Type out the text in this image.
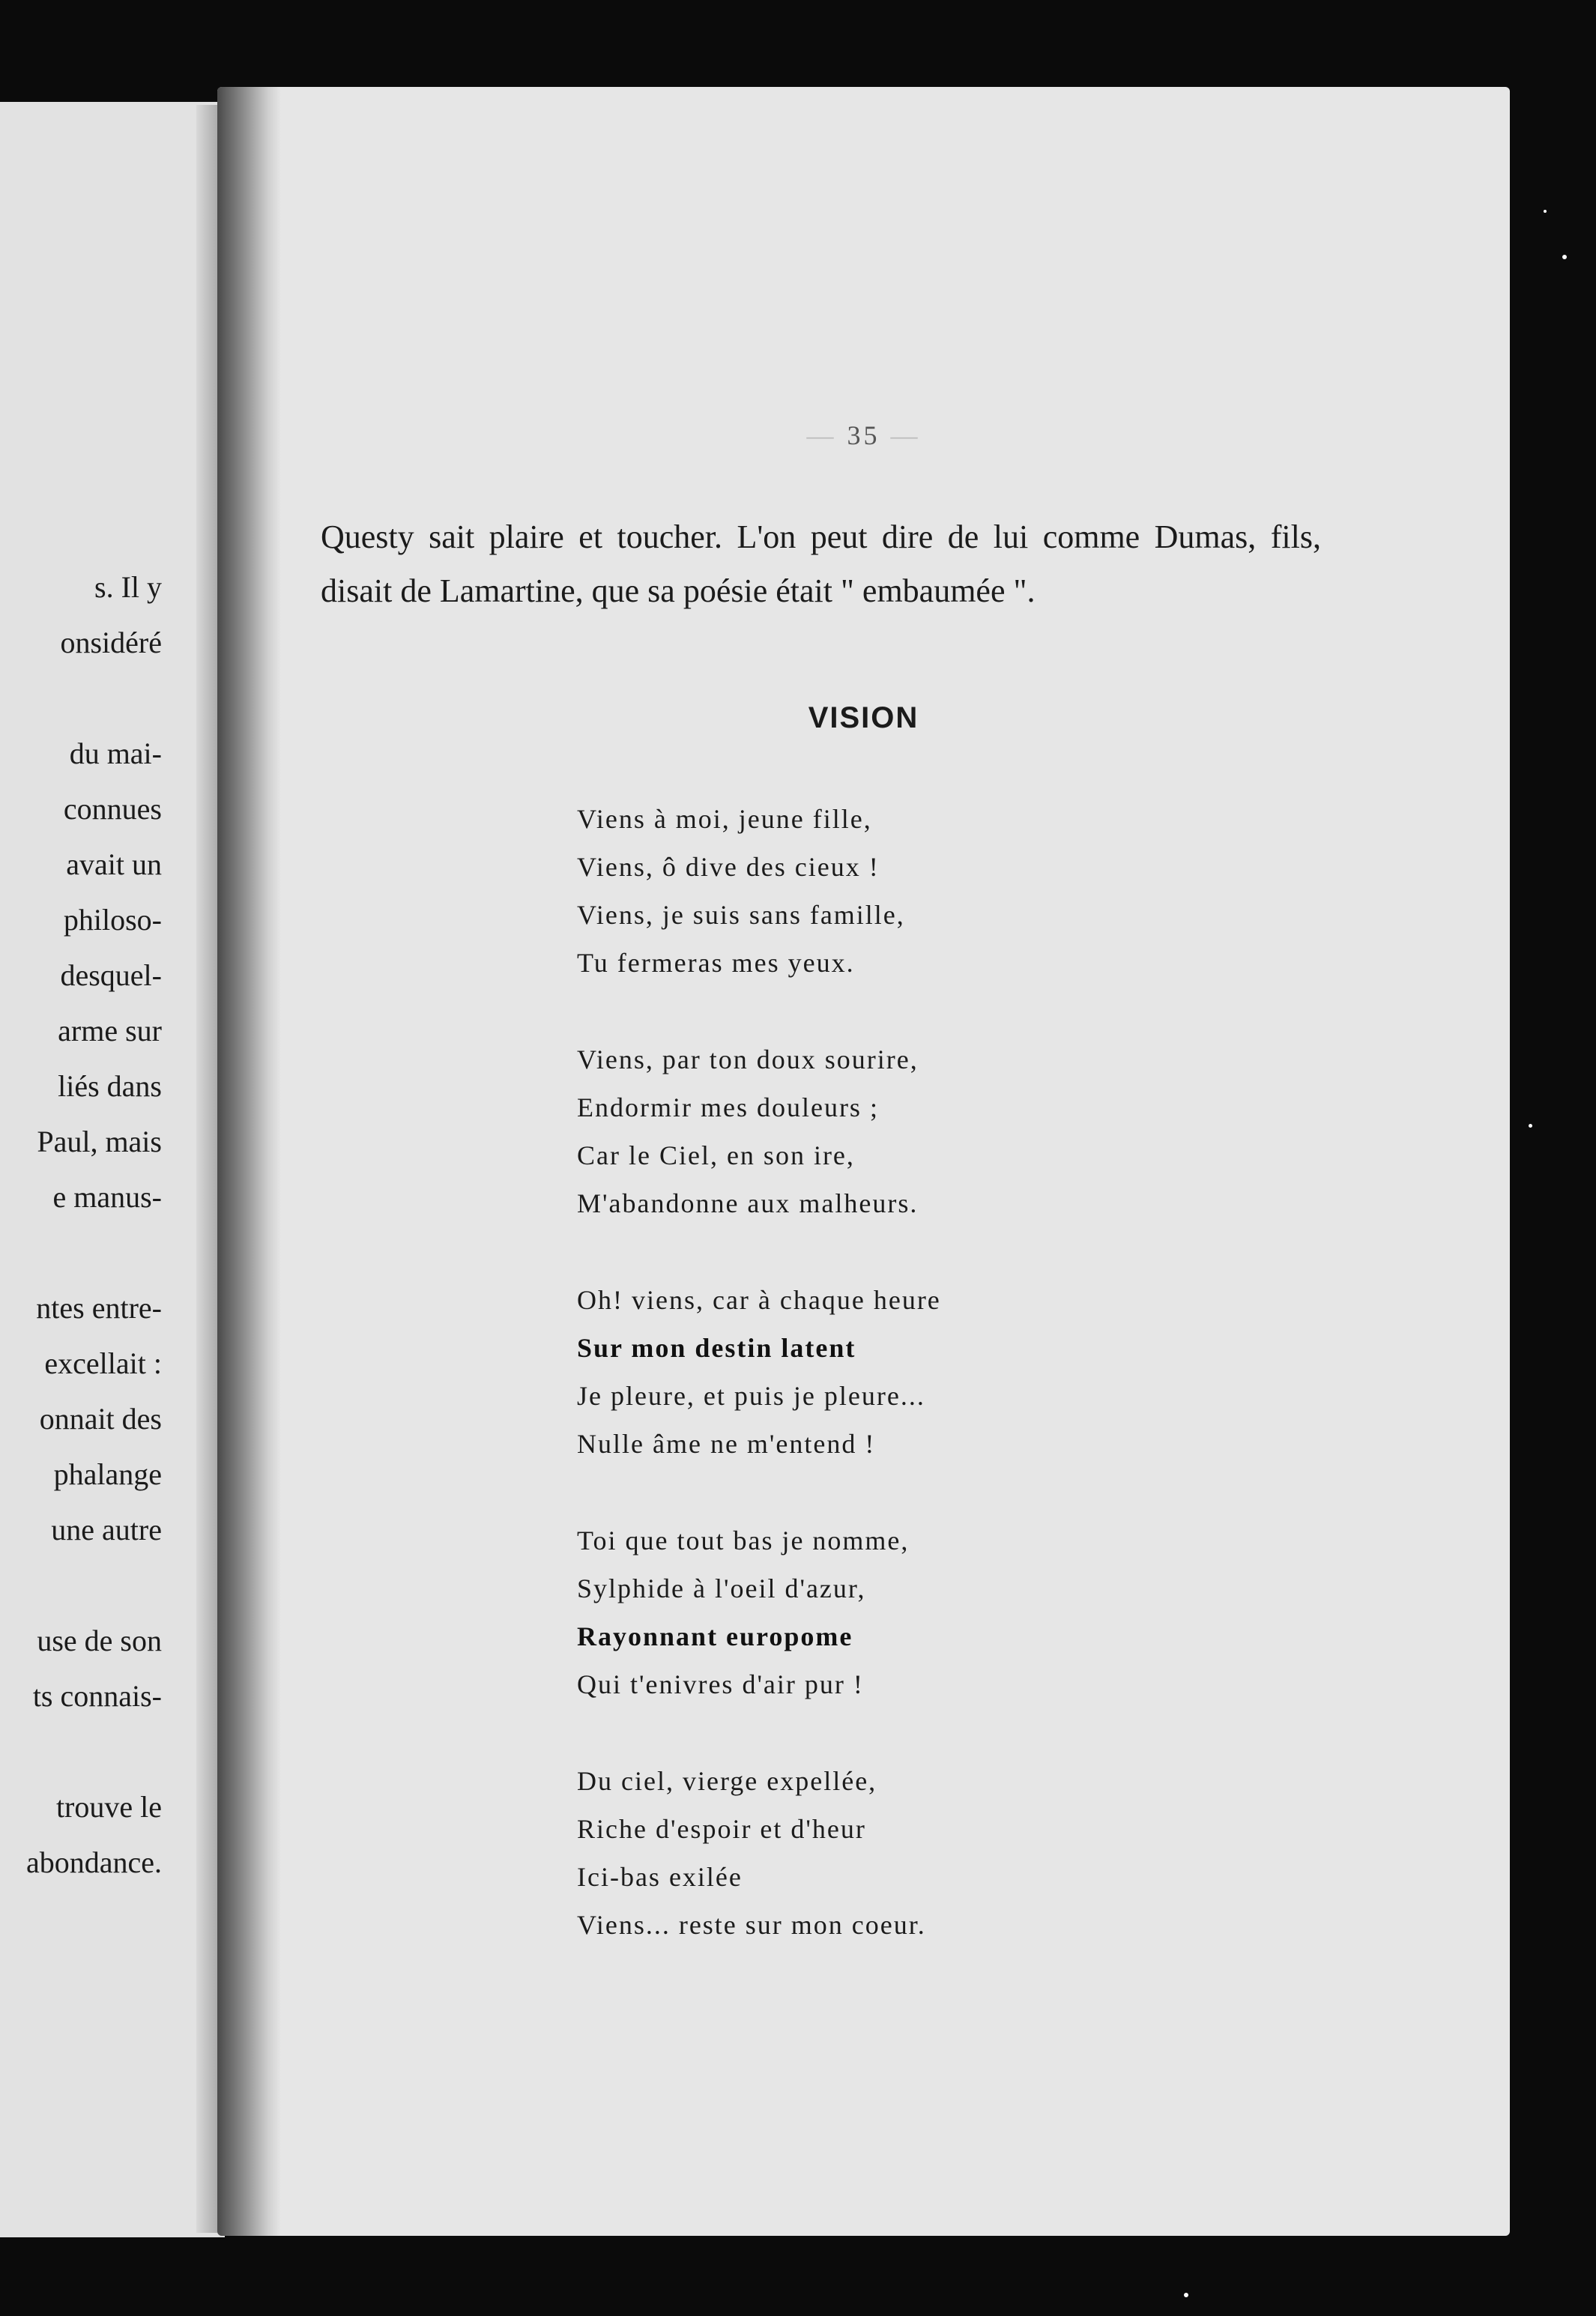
s. Il y
onsidéré
du mai-
connues
avait un
philoso-
desquel-
arme sur
liés dans
Paul, mais
e manus-
ntes entre-
excellait :
onnait des
phalange
une autre
use de son
ts connais-
trouve le
abondance.
— 35 —

Questy sait plaire et toucher. L'on peut dire de lui comme Dumas, fils, disait de Lamartine, que sa poésie était " embaumée ".

VISION
Viens à moi, jeune fille,
Viens, ô dive des cieux !
Viens, je suis sans famille,
Tu fermeras mes yeux.
Viens, par ton doux sourire,
Endormir mes douleurs ;
Car le Ciel, en son ire,
M'abandonne aux malheurs.
Oh! viens, car à chaque heure
Sur mon destin latent
Je pleure, et puis je pleure...
Nulle âme ne m'entend !
Toi que tout bas je nomme,
Sylphide à l'oeil d'azur,
Rayonnant europome
Qui t'enivres d'air pur !
Du ciel, vierge expellée,
Riche d'espoir et d'heur
Ici-bas exilée
Viens... reste sur mon coeur.
